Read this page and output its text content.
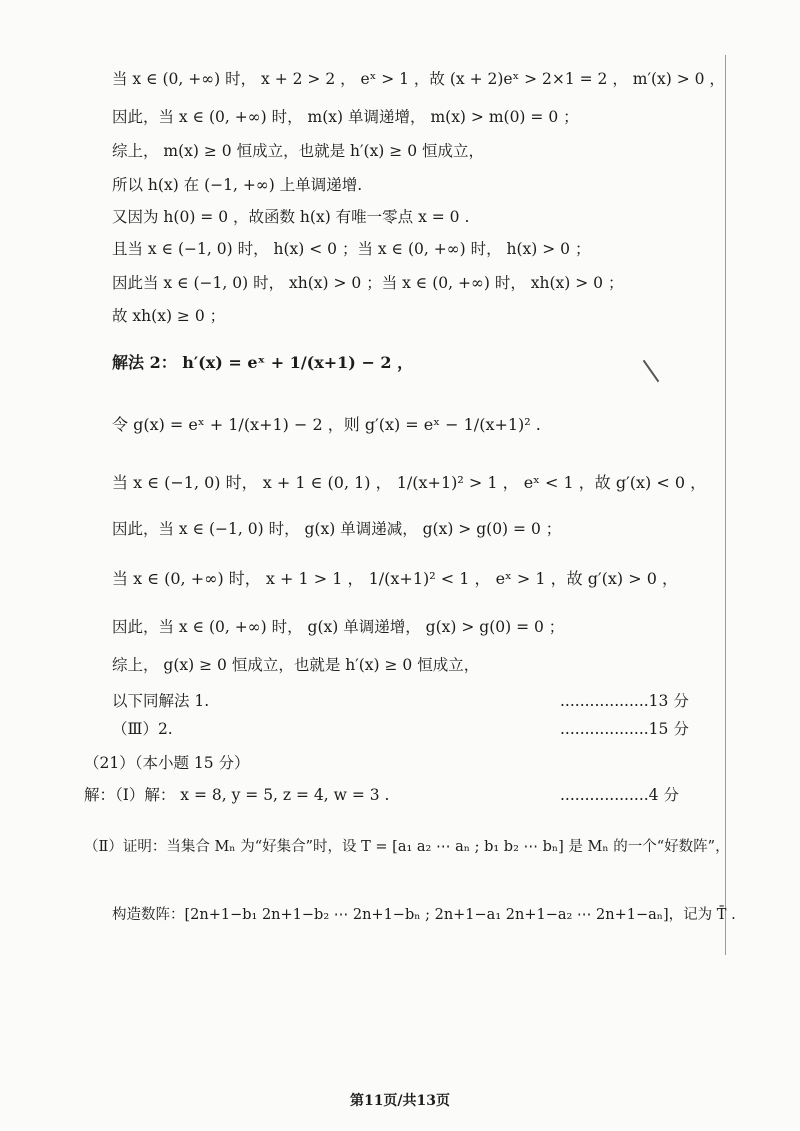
当 x ∈ (0, +∞) 时， x + 2 > 2 ， eˣ > 1 ，故 (x + 2)eˣ > 2×1 = 2 ， m′(x) > 0 ，
因此，当 x ∈ (0, +∞) 时， m(x) 单调递增， m(x) > m(0) = 0 ；
综上， m(x) ≥ 0 恒成立，也就是 h′(x) ≥ 0 恒成立，
所以 h(x) 在 (−1, +∞) 上单调递增.
又因为 h(0) = 0 ，故函数 h(x) 有唯一零点 x = 0 .
且当 x ∈ (−1, 0) 时， h(x) < 0 ；当 x ∈ (0, +∞) 时， h(x) > 0 ；
因此当 x ∈ (−1, 0) 时， xh(x) > 0 ；当 x ∈ (0, +∞) 时， xh(x) > 0 ；
故 xh(x) ≥ 0 ；
解法 2： h′(x) = eˣ + 1/(x+1) − 2 ，
令 g(x) = eˣ + 1/(x+1) − 2 ，则 g′(x) = eˣ − 1/(x+1)² .
当 x ∈ (−1, 0) 时， x + 1 ∈ (0, 1) ， 1/(x+1)² > 1 ， eˣ < 1 ，故 g′(x) < 0 ，
因此，当 x ∈ (−1, 0) 时， g(x) 单调递减， g(x) > g(0) = 0 ；
当 x ∈ (0, +∞) 时， x + 1 > 1 ， 1/(x+1)² < 1 ， eˣ > 1 ，故 g′(x) > 0 ，
因此，当 x ∈ (0, +∞) 时， g(x) 单调递增， g(x) > g(0) = 0 ；
综上， g(x) ≥ 0 恒成立，也就是 h′(x) ≥ 0 恒成立，
以下同解法 1.	..................13 分
（Ⅲ）2.	..................15 分
（21）（本小题 15 分）
解：（Ⅰ）解： x = 8, y = 5, z = 4, w = 3 .	..................4 分
（Ⅱ）证明：当集合 Mₙ 为“好集合”时，设 T = [a₁ a₂ ⋯ aₙ ; b₁ b₂ ⋯ bₙ] 是 Mₙ 的一个“好数阵”，
构造数阵：[2n+1−b₁ 2n+1−b₂ ⋯ 2n+1−bₙ ; 2n+1−a₁ 2n+1−a₂ ⋯ 2n+1−aₙ]，记为 T̄ .
第11页/共13页
